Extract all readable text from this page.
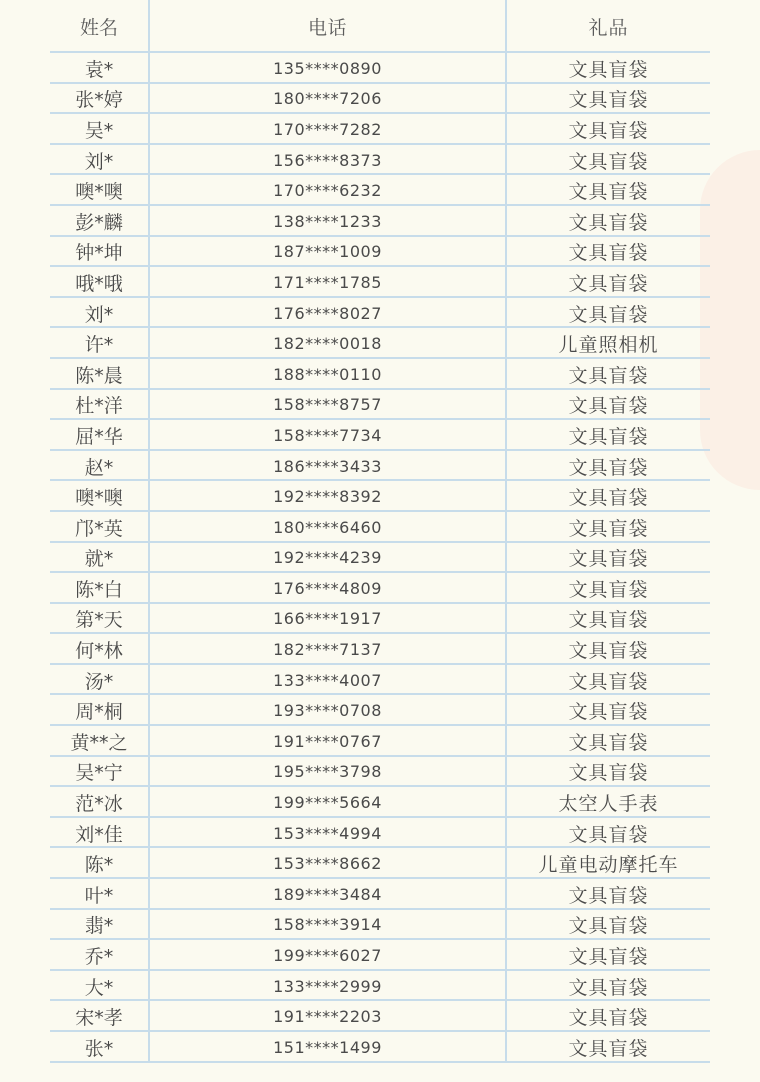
姓名	电话	礼品
袁*	135****0890	文具盲袋
张*婷	180****7206	文具盲袋
吴*	170****7282	文具盲袋
刘*	156****8373	文具盲袋
噢*噢	170****6232	文具盲袋
彭*麟	138****1233	文具盲袋
钟*坤	187****1009	文具盲袋
哦*哦	171****1785	文具盲袋
刘*	176****8027	文具盲袋
许*	182****0018	儿童照相机
陈*晨	188****0110	文具盲袋
杜*洋	158****8757	文具盲袋
屈*华	158****7734	文具盲袋
赵*	186****3433	文具盲袋
噢*噢	192****8392	文具盲袋
邝*英	180****6460	文具盲袋
就*	192****4239	文具盲袋
陈*白	176****4809	文具盲袋
第*天	166****1917	文具盲袋
何*林	182****7137	文具盲袋
汤*	133****4007	文具盲袋
周*桐	193****0708	文具盲袋
黄**之	191****0767	文具盲袋
吴*宁	195****3798	文具盲袋
范*冰	199****5664	太空人手表
刘*佳	153****4994	文具盲袋
陈*	153****8662	儿童电动摩托车
叶*	189****3484	文具盲袋
翡*	158****3914	文具盲袋
乔*	199****6027	文具盲袋
大*	133****2999	文具盲袋
宋*孝	191****2203	文具盲袋
张*	151****1499	文具盲袋
